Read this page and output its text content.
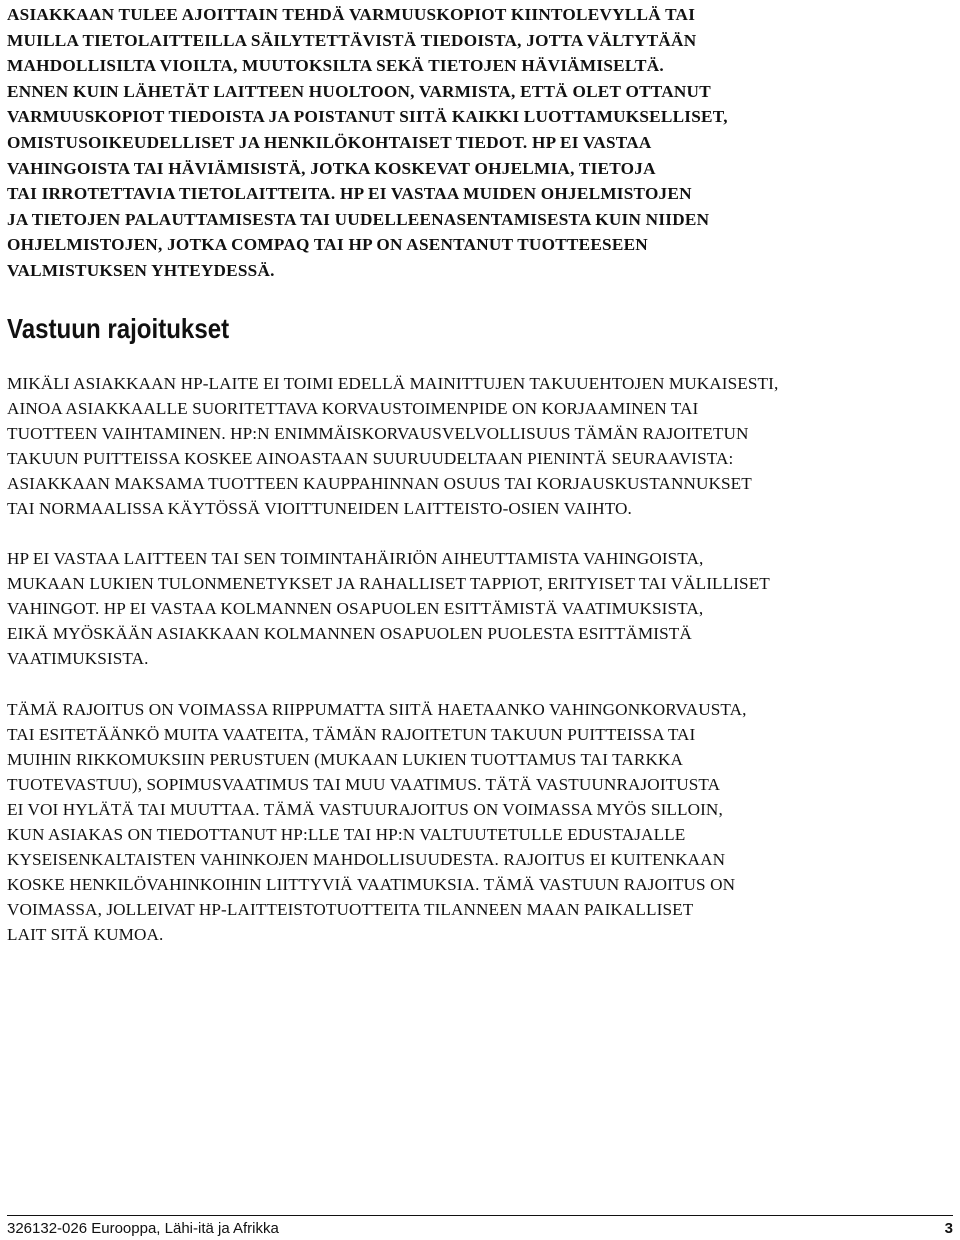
ASIAKKAAN TULEE AJOITTAIN TEHDÄ VARMUUSKOPIOT KIINTOLEVYLLÄ TAI
MUILLA TIETOLAITTEILLA SÄILYTETTÄVISTÄ TIEDOISTA, JOTTA VÄLTYTÄÄN
MAHDOLLISILTA VIOILTA, MUUTOKSILTA SEKÄ TIETOJEN HÄVIÄMISELTÄ.
ENNEN KUIN LÄHETÄT LAITTEEN HUOLTOON, VARMISTA, ETTÄ OLET OTTANUT
VARMUUSKOPIOT TIEDOISTA JA POISTANUT SIITÄ KAIKKI LUOTTAMUKSELLISET,
OMISTUSOIKEUDELLISET JA HENKILÖKOHTAISET TIEDOT. HP EI VASTAA
VAHINGOISTA TAI HÄVIÄMISISTÄ, JOTKA KOSKEVAT OHJELMIA, TIETOJA
TAI IRROTETTAVIA TIETOLAITTEITA. HP EI VASTAA MUIDEN OHJELMISTOJEN
JA TIETOJEN PALAUTTAMISESTA TAI UUDELLEENASENTAMISESTA KUIN NIIDEN
OHJELMISTOJEN, JOTKA COMPAQ TAI HP ON ASENTANUT TUOTTEESEEN
VALMISTUKSEN YHTEYDESSÄ.

Vastuun rajoitukset

MIKÄLI ASIAKKAAN HP-LAITE EI TOIMI EDELLÄ MAINITTUJEN TAKUUEHTOJEN MUKAISESTI,
AINOA ASIAKKAALLE SUORITETTAVA KORVAUSTOIMENPIDE ON KORJAAMINEN TAI
TUOTTEEN VAIHTAMINEN. HP:N ENIMMÄISKORVAUSVELVOLLISUUS TÄMÄN RAJOITETUN
TAKUUN PUITTEISSA KOSKEE AINOASTAAN SUURUUDELTAAN PIENINTÄ SEURAAVISTA:
ASIAKKAAN MAKSAMA TUOTTEEN KAUPPAHINNAN OSUUS TAI KORJAUSKUSTANNUKSET
TAI NORMAALISSA KÄYTÖSSÄ VIOITTUNEIDEN LAITTEISTO-OSIEN VAIHTO.

HP EI VASTAA LAITTEEN TAI SEN TOIMINTAHÄIRIÖN AIHEUTTAMISTA VAHINGOISTA,
MUKAAN LUKIEN TULONMENETYKSET JA RAHALLISET TAPPIOT, ERITYISET TAI VÄLILLISET
VAHINGOT. HP EI VASTAA KOLMANNEN OSAPUOLEN ESITTÄMISTÄ VAATIMUKSISTA,
EIKÄ MYÖSKÄÄN ASIAKKAAN KOLMANNEN OSAPUOLEN PUOLESTA ESITTÄMISTÄ
VAATIMUKSISTA.

TÄMÄ RAJOITUS ON VOIMASSA RIIPPUMATTA SIITÄ HAETAANKO VAHINGONKORVAUSTA,
TAI ESITETÄÄNKÖ MUITA VAATEITA, TÄMÄN RAJOITETUN TAKUUN PUITTEISSA TAI
MUIHIN RIKKOMUKSIIN PERUSTUEN (MUKAAN LUKIEN TUOTTAMUS TAI TARKKA
TUOTEVASTUU), SOPIMUSVAATIMUS TAI MUU VAATIMUS. TÄTÄ VASTUUNRAJOITUSTA
EI VOI HYLÄTÄ TAI MUUTTAA. TÄMÄ VASTUURAJOITUS ON VOIMASSA MYÖS SILLOIN,
KUN ASIAKAS ON TIEDOTTANUT HP:LLE TAI HP:N VALTUUTETULLE EDUSTAJALLE
KYSEISENKALTAISTEN VAHINKOJEN MAHDOLLISUUDESTA. RAJOITUS EI KUITENKAAN
KOSKE HENKILÖVAHINKOIHIN LIITTYVIÄ VAATIMUKSIA. TÄMÄ VASTUUN RAJOITUS ON
VOIMASSA, JOLLEIVAT HP-LAITTEISTOTUOTTEITA TILANNEEN MAAN PAIKALLISET
LAIT SITÄ KUMOA.

326132-026 Eurooppa, Lähi-itä ja Afrikka	3
